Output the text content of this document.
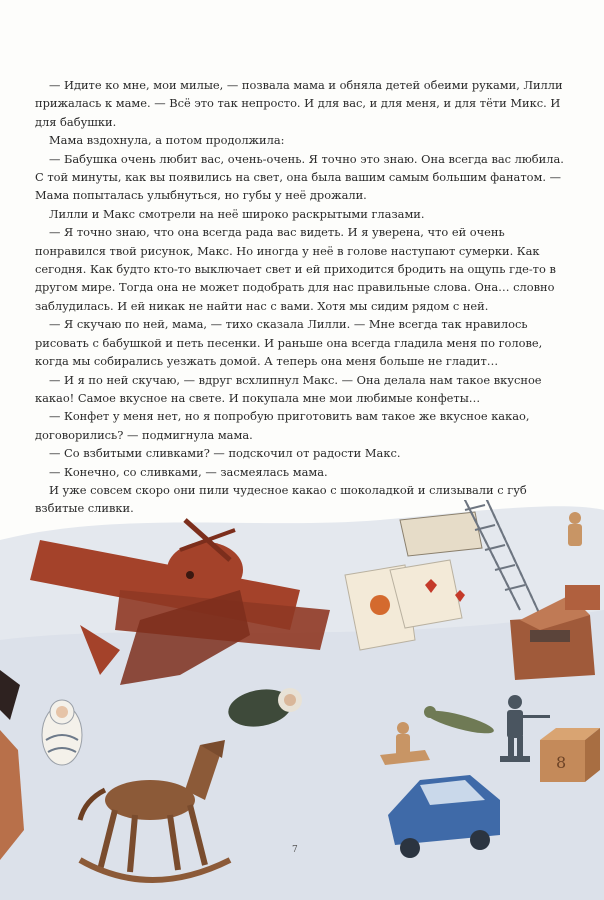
— Идите ко мне, мои милые, — позвала мама и обняла детей обеими руками, Лилли прижалась к маме. — Всё это так непросто. И для вас, и для меня, и для тёти Микс. И для бабушки.

Мама вздохнула, а потом продолжила:

— Бабушка очень любит вас, очень-очень. Я точно это знаю. Она всегда вас любила. С той минуты, как вы появились на свет, она была вашим самым большим фанатом. — Мама попыталась улыбнуться, но губы у неё дрожали.

Лилли и Макс смотрели на неё широко раскрытыми глазами.

— Я точно знаю, что она всегда рада вас видеть. И я уверена, что ей очень понравился твой рисунок, Макс. Но иногда у неё в голове наступают сумерки. Как сегодня. Как будто кто-то выключает свет и ей приходится бродить на ощупь где-то в другом мире. Тогда она не может подобрать для нас правильные слова. Она… словно заблудилась. И ей никак не найти нас с вами. Хотя мы сидим рядом с ней.

— Я скучаю по ней, мама, — тихо сказала Лилли. — Мне всегда так нравилось рисовать с бабушкой и петь песенки. И раньше она всегда гладила меня по голове, когда мы собирались уезжать домой. А теперь она меня больше не гладит…

— И я по ней скучаю, — вдруг всхлипнул Макс. — Она делала нам такое вкусное какао! Самое вкусное на свете. И покупала мне мои любимые конфеты…

— Конфет у меня нет, но я попробую приготовить вам такое же вкусное какао, договорились? — подмигнула мама.

— Со взбитыми сливками? — подскочил от радости Макс.

— Конечно, со сливками, — засмеялась мама.

И уже совсем скоро они пили чудесное какао с шоколадкой и слизывали с губ взбитые сливки.

8
7
